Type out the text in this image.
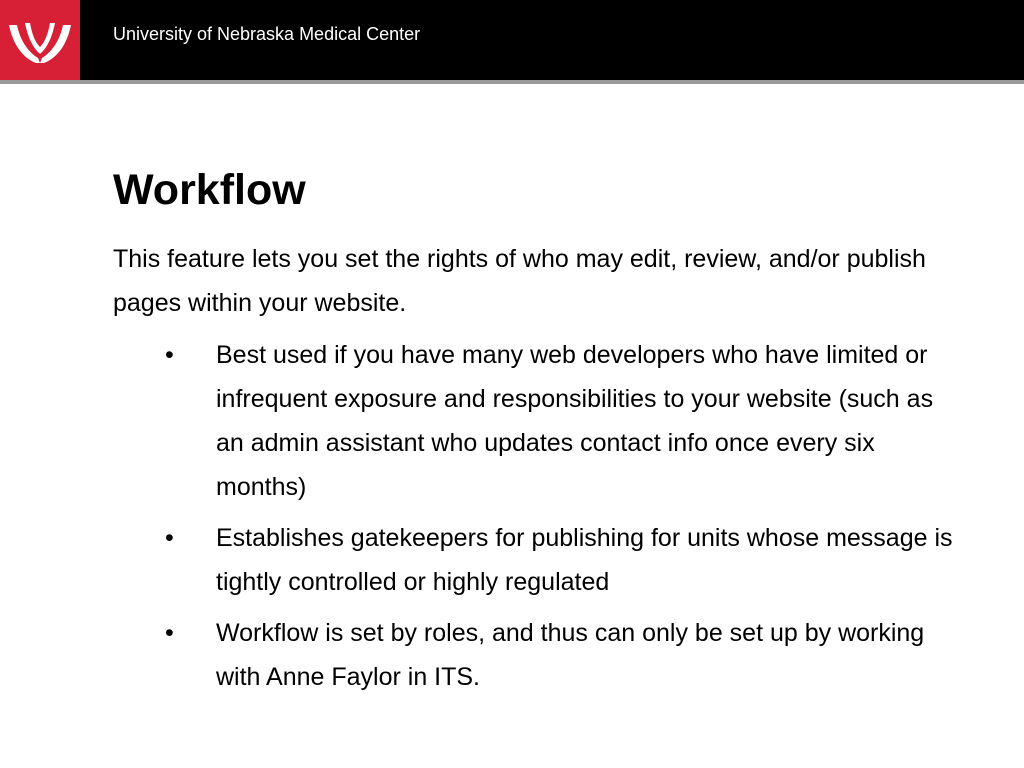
University of Nebraska Medical Center
Workflow

This feature lets you set the rights of who may edit, review, and/or publish pages within your website.

• Best used if you have many web developers who have limited or infrequent exposure and responsibilities to your website (such as an admin assistant who updates contact info once every six months)
• Establishes gatekeepers for publishing for units whose message is tightly controlled or highly regulated
• Workflow is set by roles, and thus can only be set up by working with Anne Faylor in ITS.
